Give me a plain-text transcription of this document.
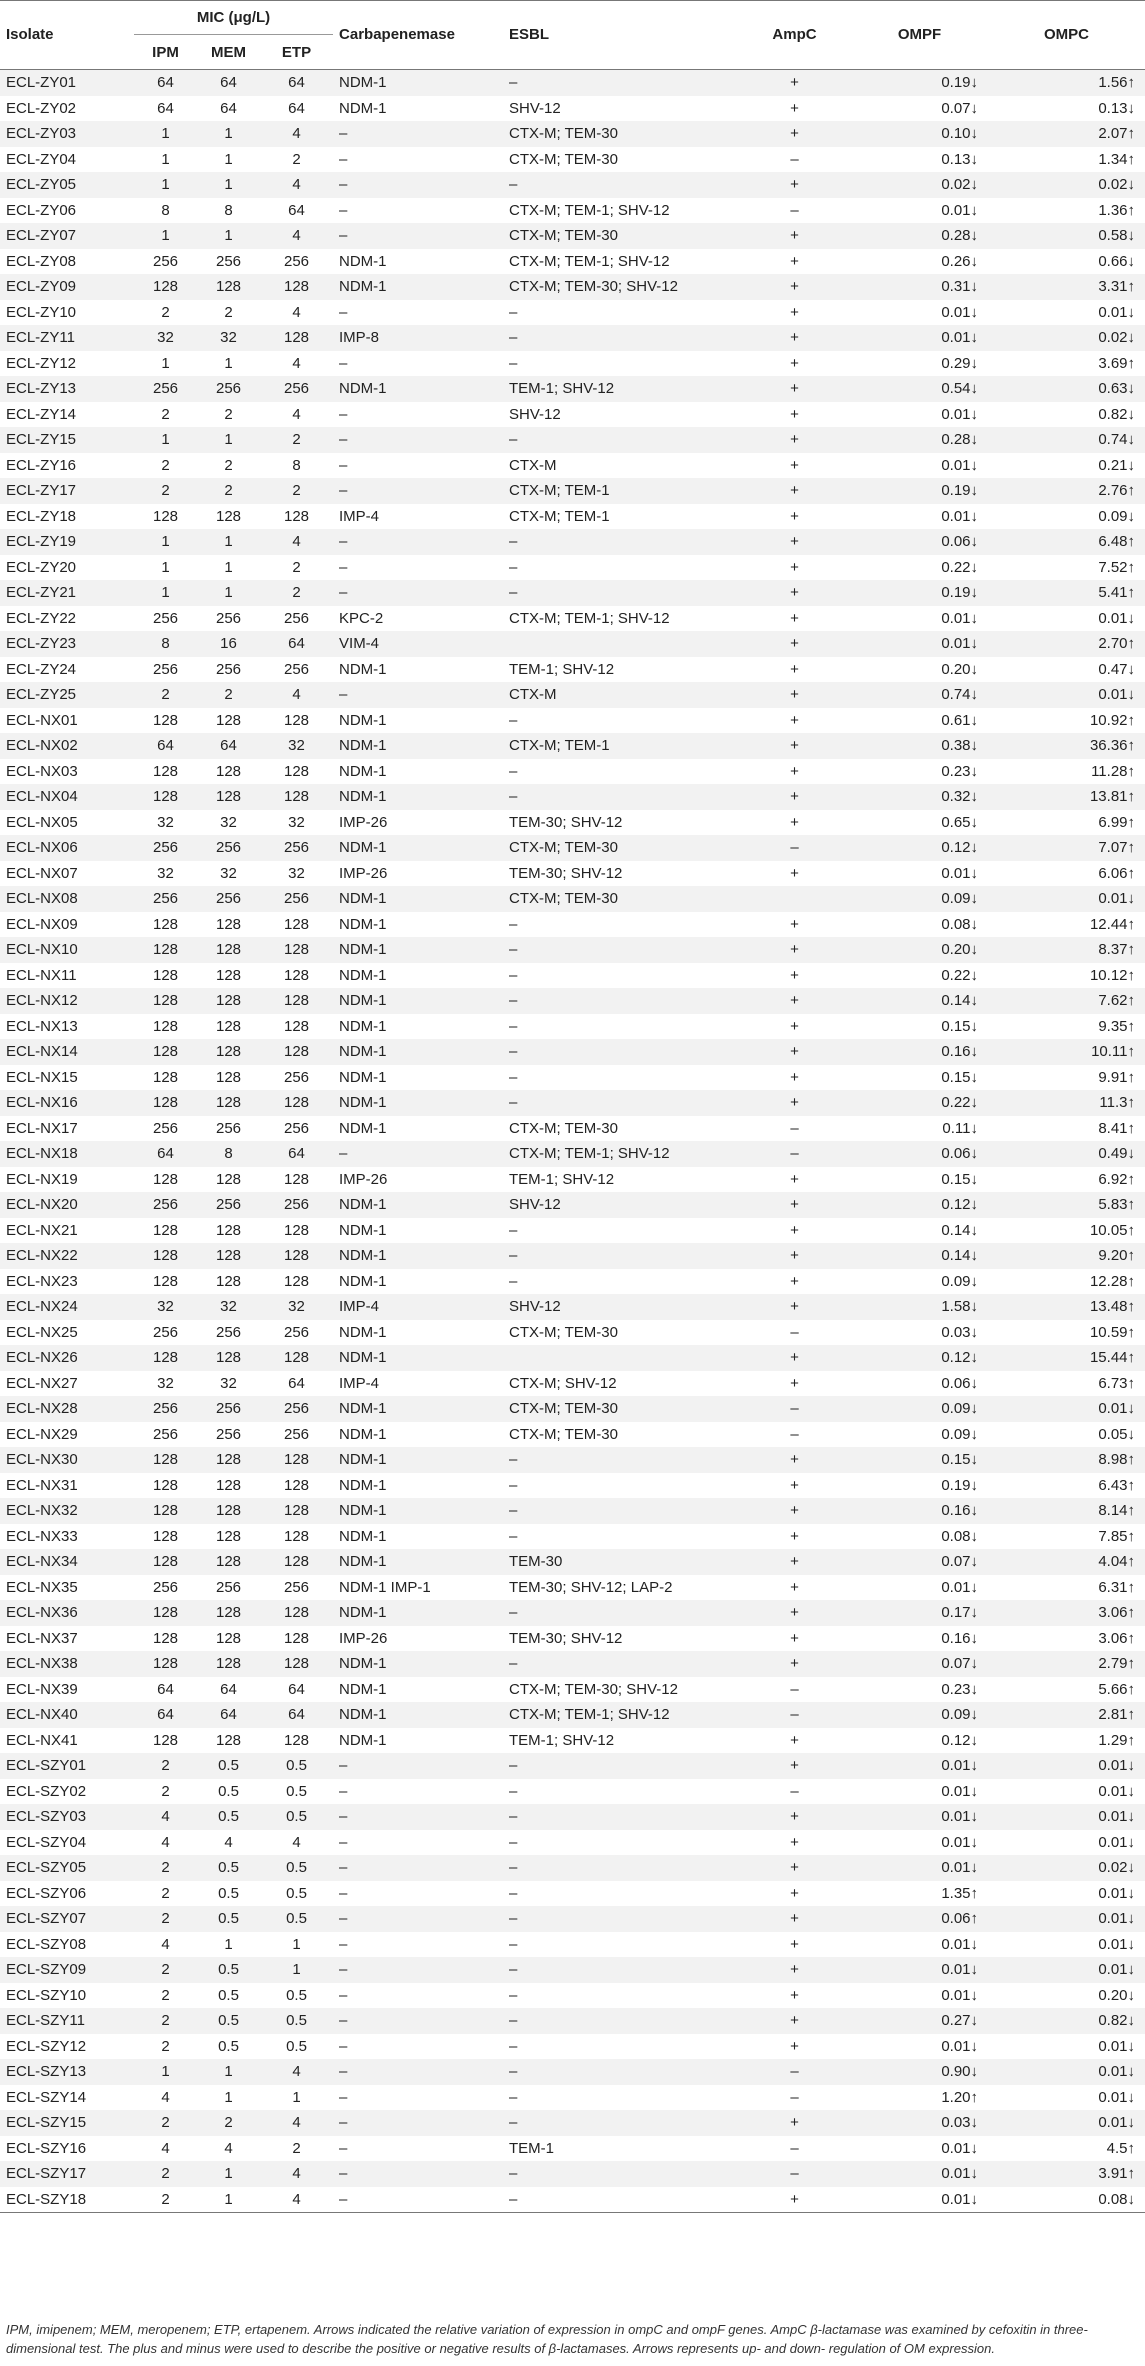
Isolate	MIC (μg/L)			Carbapenemase	ESBL	AmpC	OMPF	OMPC
	IPM	MEM	ETP					
ECL-ZY01	64	64	64	NDM-1	–	+	0.19↓	1.56↑
ECL-ZY02	64	64	64	NDM-1	SHV-12	+	0.07↓	0.13↓
ECL-ZY03	1	1	4	–	CTX-M; TEM-30	+	0.10↓	2.07↑
ECL-ZY04	1	1	2	–	CTX-M; TEM-30	–	0.13↓	1.34↑
ECL-ZY05	1	1	4	–	–	+	0.02↓	0.02↓
ECL-ZY06	8	8	64	–	CTX-M; TEM-1; SHV-12	–	0.01↓	1.36↑
ECL-ZY07	1	1	4	–	CTX-M; TEM-30	+	0.28↓	0.58↓
ECL-ZY08	256	256	256	NDM-1	CTX-M; TEM-1; SHV-12	+	0.26↓	0.66↓
ECL-ZY09	128	128	128	NDM-1	CTX-M; TEM-30; SHV-12	+	0.31↓	3.31↑
ECL-ZY10	2	2	4	–	–	+	0.01↓	0.01↓
ECL-ZY11	32	32	128	IMP-8	–	+	0.01↓	0.02↓
ECL-ZY12	1	1	4	–	–	+	0.29↓	3.69↑
ECL-ZY13	256	256	256	NDM-1	TEM-1; SHV-12	+	0.54↓	0.63↓
ECL-ZY14	2	2	4	–	SHV-12	+	0.01↓	0.82↓
ECL-ZY15	1	1	2	–	–	+	0.28↓	0.74↓
ECL-ZY16	2	2	8	–	CTX-M	+	0.01↓	0.21↓
ECL-ZY17	2	2	2	–	CTX-M; TEM-1	+	0.19↓	2.76↑
ECL-ZY18	128	128	128	IMP-4	CTX-M; TEM-1	+	0.01↓	0.09↓
ECL-ZY19	1	1	4	–	–	+	0.06↓	6.48↑
ECL-ZY20	1	1	2	–	–	+	0.22↓	7.52↑
ECL-ZY21	1	1	2	–	–	+	0.19↓	5.41↑
ECL-ZY22	256	256	256	KPC-2	CTX-M; TEM-1; SHV-12	+	0.01↓	0.01↓
ECL-ZY23	8	16	64	VIM-4		+	0.01↓	2.70↑
ECL-ZY24	256	256	256	NDM-1	TEM-1; SHV-12	+	0.20↓	0.47↓
ECL-ZY25	2	2	4	–	CTX-M	+	0.74↓	0.01↓
ECL-NX01	128	128	128	NDM-1	–	+	0.61↓	10.92↑
ECL-NX02	64	64	32	NDM-1	CTX-M; TEM-1	+	0.38↓	36.36↑
ECL-NX03	128	128	128	NDM-1	–	+	0.23↓	11.28↑
ECL-NX04	128	128	128	NDM-1	–	+	0.32↓	13.81↑
ECL-NX05	32	32	32	IMP-26	TEM-30; SHV-12	+	0.65↓	6.99↑
ECL-NX06	256	256	256	NDM-1	CTX-M; TEM-30	–	0.12↓	7.07↑
ECL-NX07	32	32	32	IMP-26	TEM-30; SHV-12	+	0.01↓	6.06↑
ECL-NX08	256	256	256	NDM-1	CTX-M; TEM-30		0.09↓	0.01↓
ECL-NX09	128	128	128	NDM-1	–	+	0.08↓	12.44↑
ECL-NX10	128	128	128	NDM-1	–	+	0.20↓	8.37↑
ECL-NX11	128	128	128	NDM-1	–	+	0.22↓	10.12↑
ECL-NX12	128	128	128	NDM-1	–	+	0.14↓	7.62↑
ECL-NX13	128	128	128	NDM-1	–	+	0.15↓	9.35↑
ECL-NX14	128	128	128	NDM-1	–	+	0.16↓	10.11↑
ECL-NX15	128	128	256	NDM-1	–	+	0.15↓	9.91↑
ECL-NX16	128	128	128	NDM-1	–	+	0.22↓	11.3↑
ECL-NX17	256	256	256	NDM-1	CTX-M; TEM-30	–	0.11↓	8.41↑
ECL-NX18	64	8	64	–	CTX-M; TEM-1; SHV-12	–	0.06↓	0.49↓
ECL-NX19	128	128	128	IMP-26	TEM-1; SHV-12	+	0.15↓	6.92↑
ECL-NX20	256	256	256	NDM-1	SHV-12	+	0.12↓	5.83↑
ECL-NX21	128	128	128	NDM-1	–	+	0.14↓	10.05↑
ECL-NX22	128	128	128	NDM-1	–	+	0.14↓	9.20↑
ECL-NX23	128	128	128	NDM-1	–	+	0.09↓	12.28↑
ECL-NX24	32	32	32	IMP-4	SHV-12	+	1.58↓	13.48↑
ECL-NX25	256	256	256	NDM-1	CTX-M; TEM-30	–	0.03↓	10.59↑
ECL-NX26	128	128	128	NDM-1		+	0.12↓	15.44↑
ECL-NX27	32	32	64	IMP-4	CTX-M; SHV-12	+	0.06↓	6.73↑
ECL-NX28	256	256	256	NDM-1	CTX-M; TEM-30	–	0.09↓	0.01↓
ECL-NX29	256	256	256	NDM-1	CTX-M; TEM-30	–	0.09↓	0.05↓
ECL-NX30	128	128	128	NDM-1	–	+	0.15↓	8.98↑
ECL-NX31	128	128	128	NDM-1	–	+	0.19↓	6.43↑
ECL-NX32	128	128	128	NDM-1	–	+	0.16↓	8.14↑
ECL-NX33	128	128	128	NDM-1	–	+	0.08↓	7.85↑
ECL-NX34	128	128	128	NDM-1	TEM-30	+	0.07↓	4.04↑
ECL-NX35	256	256	256	NDM-1 IMP-1	TEM-30; SHV-12; LAP-2	+	0.01↓	6.31↑
ECL-NX36	128	128	128	NDM-1	–	+	0.17↓	3.06↑
ECL-NX37	128	128	128	IMP-26	TEM-30; SHV-12	+	0.16↓	3.06↑
ECL-NX38	128	128	128	NDM-1	–	+	0.07↓	2.79↑
ECL-NX39	64	64	64	NDM-1	CTX-M; TEM-30; SHV-12	–	0.23↓	5.66↑
ECL-NX40	64	64	64	NDM-1	CTX-M; TEM-1; SHV-12	–	0.09↓	2.81↑
ECL-NX41	128	128	128	NDM-1	TEM-1; SHV-12	+	0.12↓	1.29↑
ECL-SZY01	2	0.5	0.5	–	–	+	0.01↓	0.01↓
ECL-SZY02	2	0.5	0.5	–	–	–	0.01↓	0.01↓
ECL-SZY03	4	0.5	0.5	–	–	+	0.01↓	0.01↓
ECL-SZY04	4	4	4	–	–	+	0.01↓	0.01↓
ECL-SZY05	2	0.5	0.5	–	–	+	0.01↓	0.02↓
ECL-SZY06	2	0.5	0.5	–	–	+	1.35↑	0.01↓
ECL-SZY07	2	0.5	0.5	–	–	+	0.06↑	0.01↓
ECL-SZY08	4	1	1	–	–	+	0.01↓	0.01↓
ECL-SZY09	2	0.5	1	–	–	+	0.01↓	0.01↓
ECL-SZY10	2	0.5	0.5	–	–	+	0.01↓	0.20↓
ECL-SZY11	2	0.5	0.5	–	–	+	0.27↓	0.82↓
ECL-SZY12	2	0.5	0.5	–	–	+	0.01↓	0.01↓
ECL-SZY13	1	1	4	–	–	–	0.90↓	0.01↓
ECL-SZY14	4	1	1	–	–	–	1.20↑	0.01↓
ECL-SZY15	2	2	4	–	–	+	0.03↓	0.01↓
ECL-SZY16	4	4	2	–	TEM-1	–	0.01↓	4.5↑
ECL-SZY17	2	1	4	–	–	–	0.01↓	3.91↑
ECL-SZY18	2	1	4	–	–	+	0.01↓	0.08↓
IPM, imipenem; MEM, meropenem; ETP, ertapenem. Arrows indicated the relative variation of expression in ompC and ompF genes. AmpC β-lactamase was examined by cefoxitin in three-dimensional test. The plus and minus were used to describe the positive or negative results of β-lactamases. Arrows represents up- and down- regulation of OM expression.
